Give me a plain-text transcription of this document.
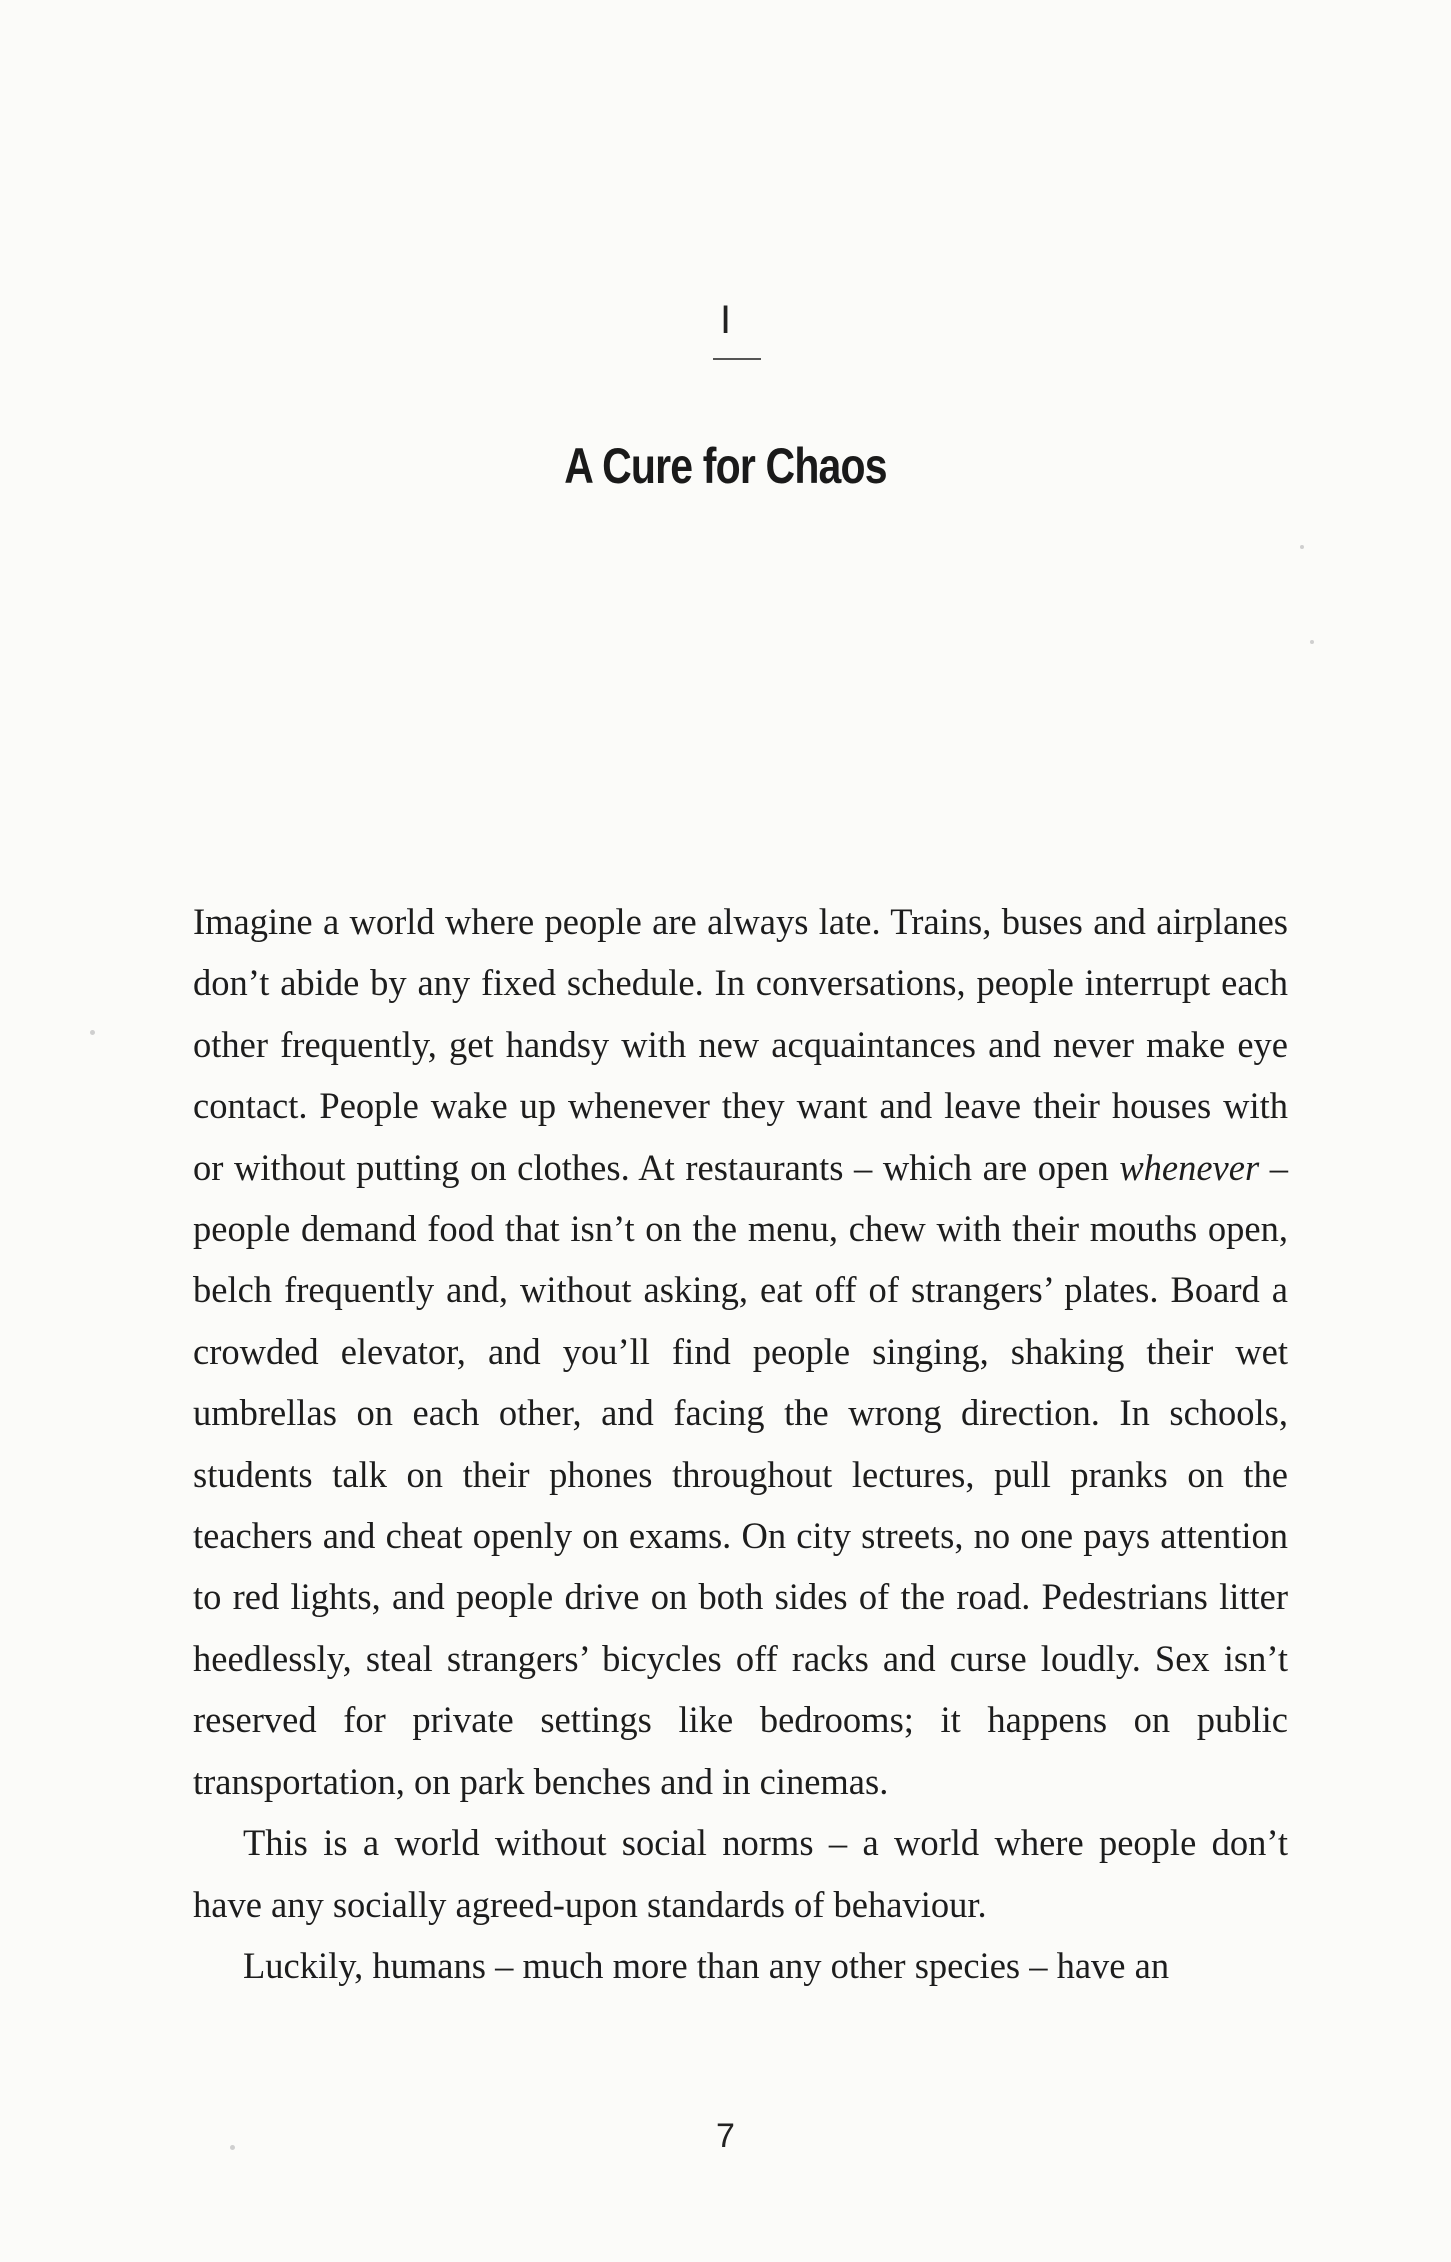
I
A Cure for Chaos

Imagine a world where people are always late. Trains, buses and airplanes don’t abide by any fixed schedule. In conversations, people interrupt each other frequently, get handsy with new acquaintances and never make eye contact. People wake up whenever they want and leave their houses with or without putting on clothes. At restaurants – which are open whenever – people demand food that isn’t on the menu, chew with their mouths open, belch frequently and, without asking, eat off of strangers’ plates. Board a crowded elevator, and you’ll find people singing, shaking their wet umbrellas on each other, and facing the wrong direction. In schools, students talk on their phones throughout lectures, pull pranks on the teachers and cheat openly on exams. On city streets, no one pays attention to red lights, and people drive on both sides of the road. Pedestrians litter heedlessly, steal strangers’ bicycles off racks and curse loudly. Sex isn’t reserved for private settings like bedrooms; it happens on public transportation, on park benches and in cinemas.

This is a world without social norms – a world where people don’t have any socially agreed-upon standards of behaviour.

Luckily, humans – much more than any other species – have an

7
